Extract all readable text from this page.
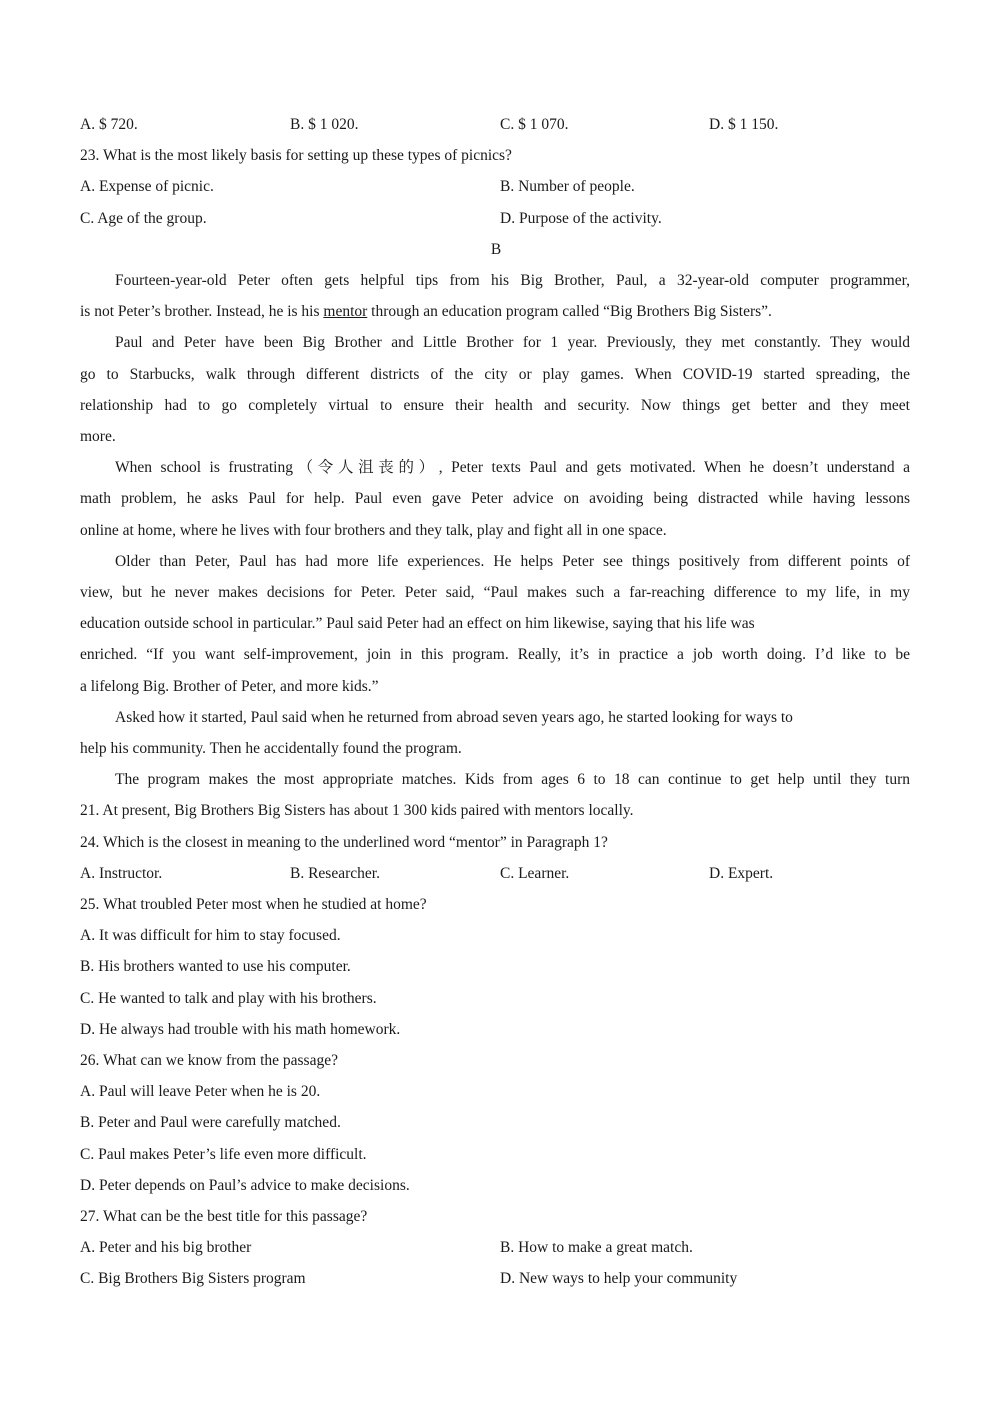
A. $ 720.	B. $ 1 020.	C. $ 1 070.	D. $ 1 150.
23. What is the most likely basis for setting up these types of picnics?
A. Expense of picnic.	B. Number of people.
C. Age of the group.	D. Purpose of the activity.
B
Fourteen-year-old Peter often gets helpful tips from his Big Brother, Paul, a 32-year-old computer programmer,
is not Peter’s brother. Instead, he is his mentor through an education program called “Big Brothers Big Sisters”.
Paul and Peter have been Big Brother and Little Brother for 1 year. Previously, they met constantly. They would
go to Starbucks, walk through different districts of the city or play games. When COVID-19 started spreading, the
relationship had to go completely virtual to ensure their health and security. Now things get better and they meet
more.
When school is frustrating（令人沮丧的）, Peter texts Paul and gets motivated. When he doesn’t understand a
math problem, he asks Paul for help. Paul even gave Peter advice on avoiding being distracted while having lessons
online at home, where he lives with four brothers and they talk, play and fight all in one space.
Older than Peter, Paul has had more life experiences. He helps Peter see things positively from different points of
view, but he never makes decisions for Peter. Peter said, “Paul makes such a far-reaching difference to my life, in my
education outside school in particular.” Paul said Peter had an effect on him likewise, saying that his life was
enriched. “If you want self-improvement, join in this program. Really, it’s in practice a job worth doing. I’d like to be
a lifelong Big. Brother of Peter, and more kids.”
Asked how it started, Paul said when he returned from abroad seven years ago, he started looking for ways to
help his community. Then he accidentally found the program.
The program makes the most appropriate matches. Kids from ages 6 to 18 can continue to get help until they turn
21. At present, Big Brothers Big Sisters has about 1 300 kids paired with mentors locally.
24. Which is the closest in meaning to the underlined word “mentor” in Paragraph 1?
A. Instructor.	B. Researcher.	C. Learner.	D. Expert.
25. What troubled Peter most when he studied at home?
A. It was difficult for him to stay focused.
B. His brothers wanted to use his computer.
C. He wanted to talk and play with his brothers.
D. He always had trouble with his math homework.
26. What can we know from the passage?
A. Paul will leave Peter when he is 20.
B. Peter and Paul were carefully matched.
C. Paul makes Peter’s life even more difficult.
D. Peter depends on Paul’s advice to make decisions.
27. What can be the best title for this passage?
A. Peter and his big brother	B. How to make a great match.
C. Big Brothers Big Sisters program	D. New ways to help your community
